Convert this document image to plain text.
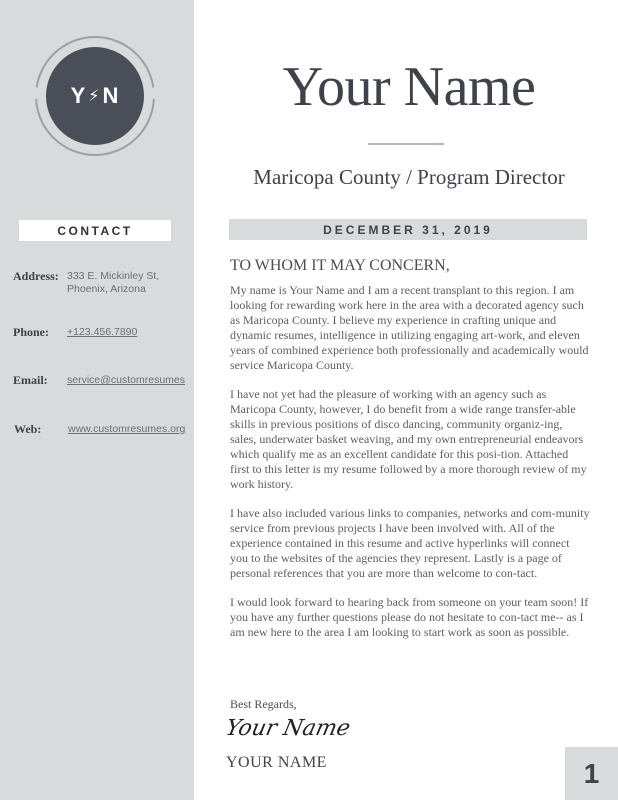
Y ⚡ N
CONTACT
Address: 333 E. Mickinley St, Phoenix, Arizona
Phone:	+123.456.7890
Email:	service@customresumes
Web:	www.customresumes.org
Your Name
Maricopa County / Program Director
DECEMBER 31, 2019
TO WHOM IT MAY CONCERN,

My name is Your Name and I am a recent transplant to this region. I am looking for rewarding work here in the area with a decorated agency such as Maricopa County. I believe my experience in crafting unique and dynamic resumes, intelligence in utilizing engaging art-work, and eleven years of combined experience both professionally and academically would service Maricopa County.

I have not yet had the pleasure of working with an agency such as Maricopa County, however, I do benefit from a wide range transfer-able skills in previous positions of disco dancing, community organiz-ing, sales, underwater basket weaving, and my own entrepreneurial endeavors which qualify me as an excellent candidate for this posi-tion. Attached first to this letter is my resume followed by a more thorough review of my work history.

I have also included various links to companies, networks and com-munity service from previous projects I have been involved with. All of the experience contained in this resume and active hyperlinks will connect you to the websites of the agencies they represent. Lastly is a page of personal references that you are more than welcome to con-tact.

I would look forward to hearing back from someone on your team soon! If you have any further questions please do not hesitate to con-tact me-- as I am new here to the area I am looking to start work as soon as possible.

Best Regards,
Your Name
YOUR NAME	1
